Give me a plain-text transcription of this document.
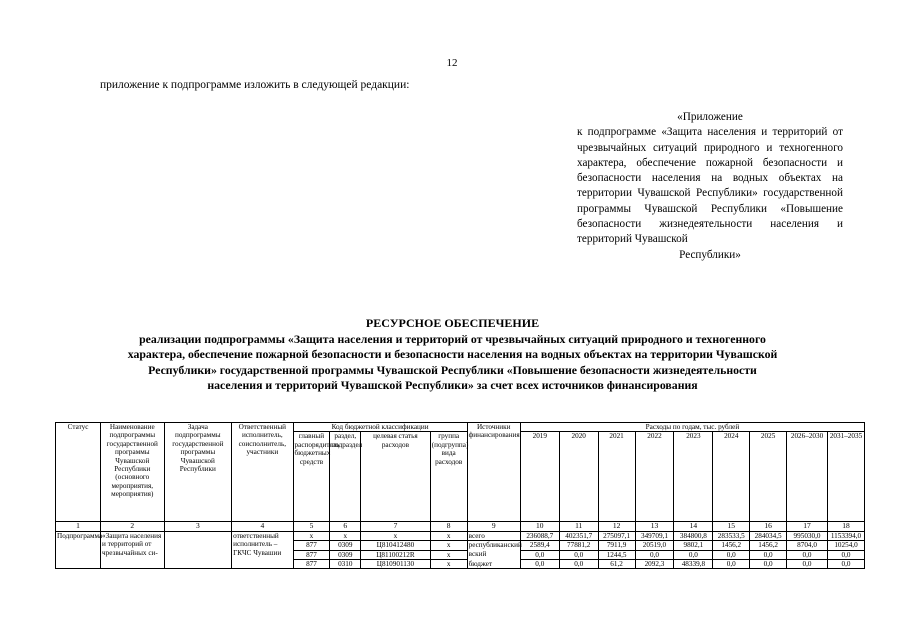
12
приложение к подпрограмме изложить в следующей редакции:
«Приложение
к подпрограмме «Защита населения и территорий от чрезвычайных ситуаций природного и техногенного характера, обеспечение пожарной безопасности и безопасности населения на водных объектах на территории Чувашской Республики» государственной программы Чувашской Республики «Повышение безопасности жизнедеятельности населения и территорий Чувашской
Республики»
РЕСУРСНОЕ ОБЕСПЕЧЕНИЕ
реализации подпрограммы «Защита населения и территорий от чрезвычайных ситуаций природного и техногенного
характера, обеспечение пожарной безопасности и безопасности населения на водных объектах на территории Чувашской
Республики» государственной программы Чувашской Республики «Повышение безопасности жизнедеятельности
населения и территорий Чувашской Республики» за счет всех источников финансирования
Статус	Наименование подпрограммы государственной программы Чувашской Республики (основного мероприятия, мероприятия)	Задача подпрограммы государственной программы Чувашской Республики	Ответственный исполнитель, соисполнитель, участники	Код бюджетной классификации				Источники финансирования	Расходы по годам, тыс. рублей								
				главный распорядитель бюджетных средств	раздел, подраздел	целевая статья расходов	группа (подгруппа) вида расходов		2019	2020	2021	2022	2023	2024	2025	2026–2030	2031–2035
1	2	3	4	5	6	7	8	9	10	11	12	13	14	15	16	17	18
Подпрограмма	«Защита населения и территорий от чрезвычайных си-		ответственный исполнитель – ГКЧС Чувашии	x	x	x	x	всего	236088,7	402351,7	275097,1	349709,1	384800,8	283533,5	284034,5	995030,0	1153394,0
				877	0309	Ц810412480	x	республиканский	2589,4	77881,2	7911,9	20519,0	9802,1	1456,2	1456,2	8704,0	10254,0
				877	0309	Ц81100212R	x	вский	0,0	0,0	1244,5	0,0	0,0	0,0	0,0	0,0	0,0
				877	0310	Ц810901130	x	бюджет	0,0	0,0	61,2	2092,3	48339,8	0,0	0,0	0,0	0,0
